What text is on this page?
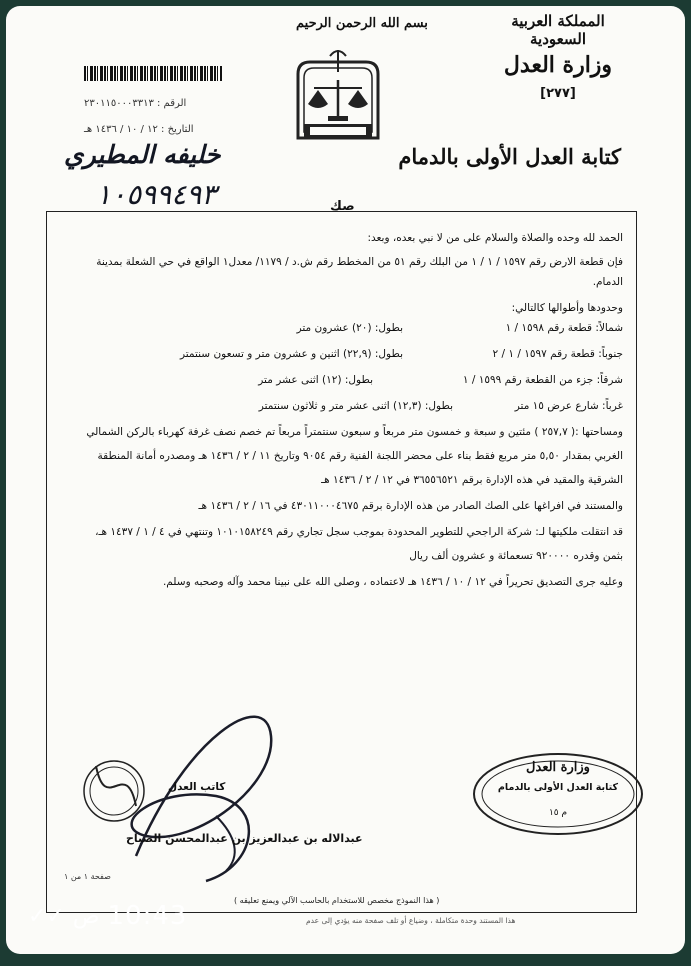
المملكة العربية السعودية
وزارة العدل
[٢٧٧]
بسم الله الرحمن الرحيم
الرقم : ٢٣٠١١٥٠٠٠٣٣١٣
التاريخ : ١٢ / ١٠ / ١٤٣٦ هـ
خليفه المطيري
١٠٥٩٩٤٩٣
كتابة العدل الأولى بالدمام
صك

الحمد لله وحده والصلاة والسلام على من لا نبي بعده، وبعد:

فإن قطعة الارض رقم ١٥٩٧ / ١ / ١ من البلك رقم ٥١ من المخطط رقم ش.د / ١١٧٩/ معدل١ الواقع في حي الشعلة بمدينة

الدمام.

وحدودها وأطوالها كالتالي:

شمالاً: قطعة رقم ١٥٩٨ / ١
بطول: (٢٠) عشرون متر
جنوباً: قطعة رقم ١٥٩٧ / ١ / ٢
بطول: (٢٢,٩) اثنين و عشرون متر و تسعون سنتمتر
شرقاً: جزء من القطعة رقم ١٥٩٩ / ١
بطول: (١٢) اثنى عشر متر
غرباً: شارع عرض ١٥ متر
بطول: (١٢,٣) اثنى عشر متر و ثلاثون سنتمتر

ومساحتها :( ٢٥٧,٧ ) مئتين و سبعة و خمسون متر مربعاً و سبعون سنتمتراً مربعاً تم خصم نصف غرفة كهرباء بالركن الشمالي

الغربي بمقدار ٥,٥٠ متر مربع فقط بناء على محضر اللجنة الفنية رقم ٩٠٥٤ وتاريخ ١١ / ٢ / ١٤٣٦ هـ ومصدره أمانة المنطقة

الشرقية والمقيد في هذه الإدارة برقم ٣٦٥٥٦٥٢١ في ١٢ / ٢ / ١٤٣٦ هـ

والمستند في افراغها على الصك الصادر من هذه الإدارة برقم ٤٣٠١١٠٠٠٤٦٧٥ في ١٦ / ٢ / ١٤٣٦ هـ

قد انتقلت ملكيتها لـ: شركة الراجحي للتطوير المحدودة بموجب سجل تجاري رقم ١٠١٠١٥٨٢٤٩ وتنتهي في ٤ / ١ / ١٤٣٧ هـ،

بثمن وقدره ٩٢٠٠٠٠ تسعمائة و عشرون ألف ريال

وعليه جرى التصديق تحريراً في ١٢ / ١٠ / ١٤٣٦ هـ لاعتماده ، وصلى الله على نبينا محمد وآله وصحبه وسلم.

كاتب العدل
عبدالاله بن عبدالعزيز بن عبدالمحسن الضباح
صفحة ١ من ١
وزارة العدل
كتابة العدل الأولى بالدمام
م ١٥
( هذا النموذج مخصص للاستخدام بالحاسب الآلي ويمنع تعليقه )
هذا المستند وحدة متكاملة ، وضياع أو تلف صفحة منه يؤدي إلى عدم
✓✓ ص 10:43
